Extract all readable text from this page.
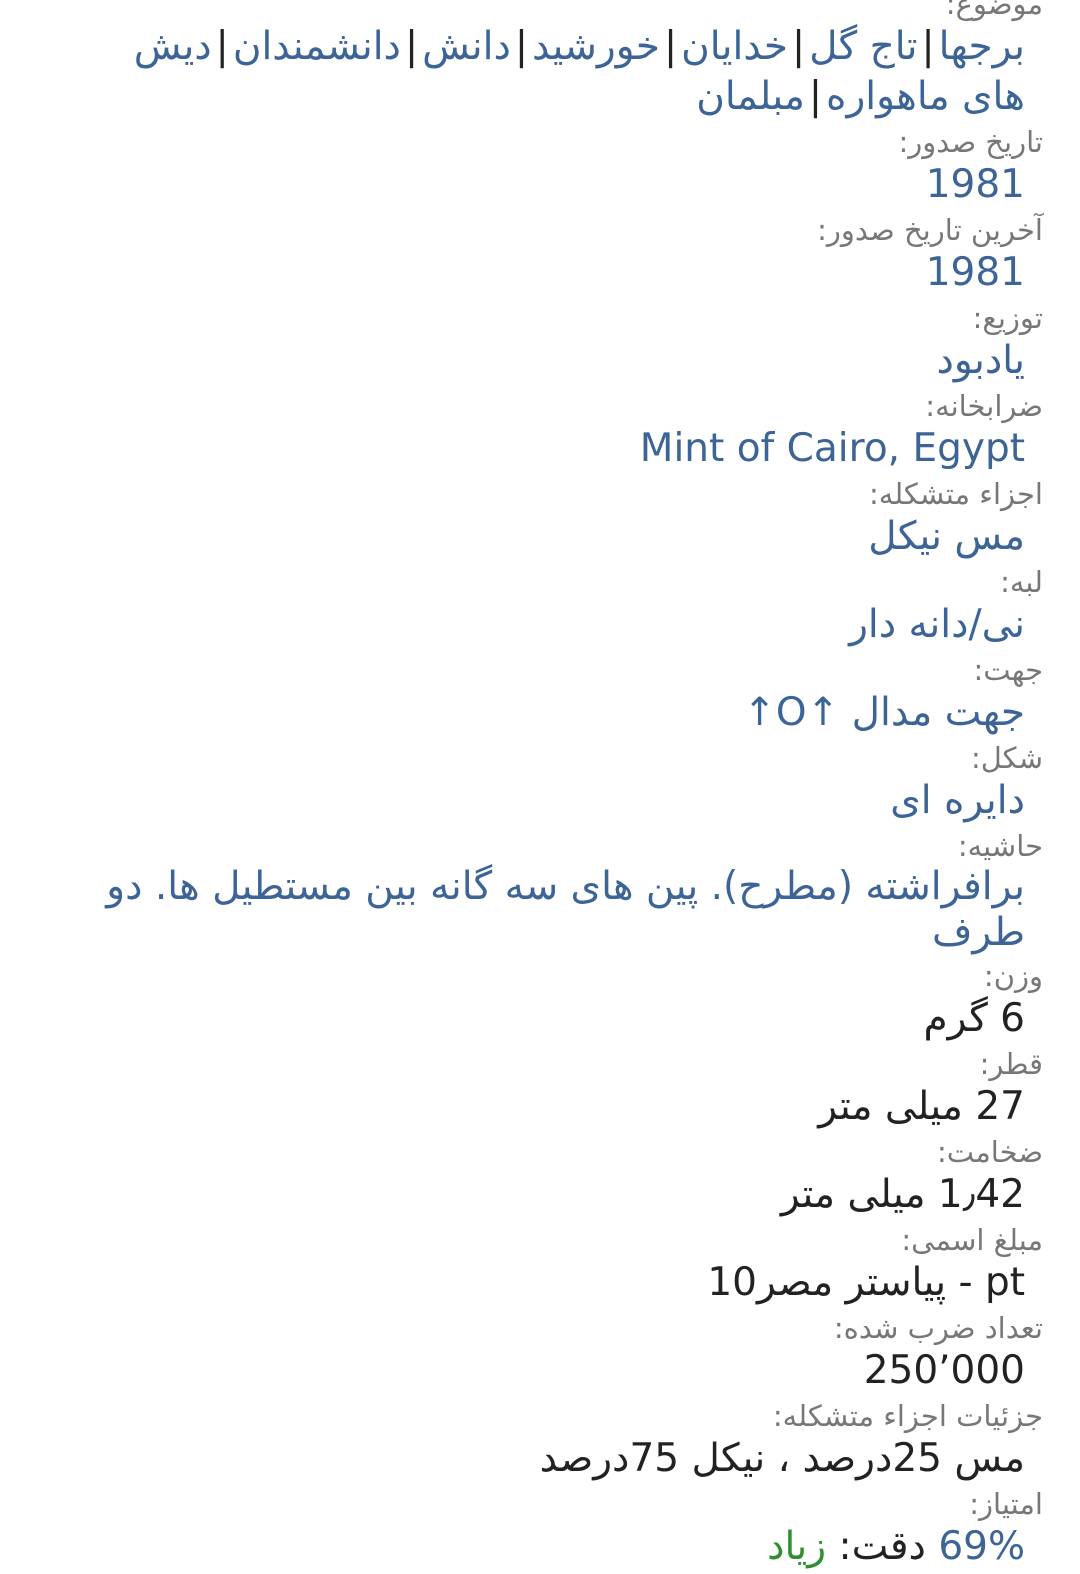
موضوع:
برجها|تاج گل|خدایان|خورشید|دانش|دانشمندان|دیش های ماهواره|مبلمان
تاریخ صدور:
1981
آخرین تاریخ صدور:
1981
توزیع:
یادبود
ضرابخانه:
Mint of Cairo, Egypt
اجزاء متشکله:
مس نیکل
لبه:
نی/دانه دار
جهت:
جهت مدال ↑O↑
شکل:
دایره ای
حاشیه:
برافراشته (مطرح). پین های سه گانه بین مستطیل ها. دو طرف
وزن:
6 گرم
قطر:
27 میلی متر
ضخامت:
1٫42 میلی متر
مبلغ اسمی:
pt - پیاستر مصر10
تعداد ضرب شده:
250٬000
جزئیات اجزاء متشکله:
مس 25درصد ، نیکل 75درصد
امتیاز:
69% دقت: زیاد
